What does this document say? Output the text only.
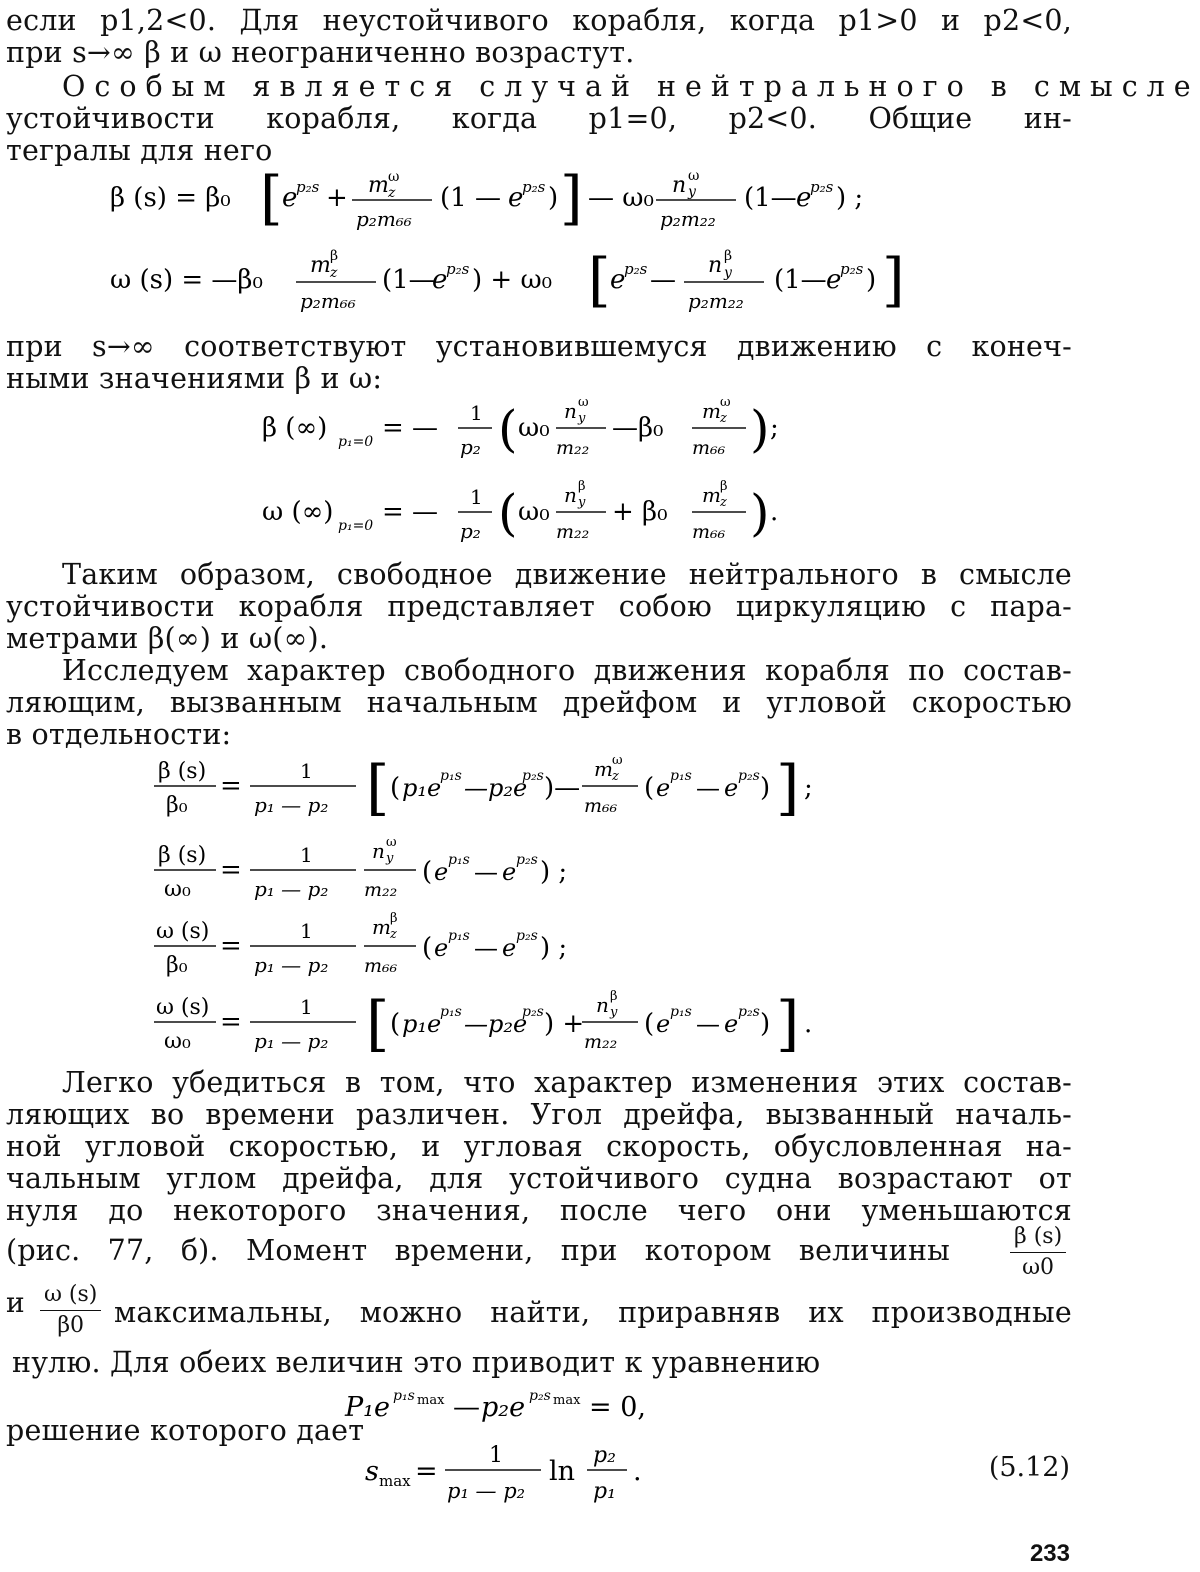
если p1,2<0. Для неустойчивого корабля, когда p1>0 и p2<0,
при s→∞ β и ω неограниченно возрастут.
Особым является случай нейтрального в смысле
устойчивости корабля, когда p1=0, p2<0. Общие ин-
тегралы для него
β (s) = β₀ [ e
p₂s + m ω
z
p₂m₆₆
(1 — e
p₂s ) ] — ω₀ n ω
y
p₂m₂₂
(1— e
p₂s ) ;
ω (s) = —β₀ m β
z
p₂m₆₆
(1—
e
p₂s ) + ω₀ [ e
p₂s — n β
y
p₂m₂₂
(1— e
p₂s ) ]
при s→∞ соответствуют установившемуся движению с конеч-
ными значениями β и ω:
β (∞) p₁=0 = — 1
p₂ ( ω₀
n ω
y
m₂₂
—β₀
m ω
z
m₆₆ ) ;
ω (∞) p₁=0 = — 1
p₂ ( ω₀
n β
y
m₂₂
+ β₀
m β
z
m₆₆ ) .
Таким образом, свободное движение нейтрального в смысле
устойчивости корабля представляет собою циркуляцию с пара-
метрами β(∞) и ω(∞).
Исследуем характер свободного движения корабля по состав-
ляющим, вызванным начальным дрейфом и угловой скоростью
в отдельности:
β (s)
β₀
=	1
p₁ — p₂ [ ( p₁e
p₁s —p₂e
p₂s )—
m ω
z
m₆₆
( e p₁s — e p₂s ) ] ;
β (s)
ω₀
=	1
p₁ — p₂
n ω
y
m₂₂
( e p₁s — e p₂s ) ;
ω (s)
β₀
=	1
p₁ — p₂
m β
z
m₆₆
( e p₁s — e p₂s ) ;
ω (s)
ω₀
=	1
p₁ — p₂ [ ( p₁e
p₁s —p₂e
p₂s ) +
n β
y
m₂₂
( e p₁s — e p₂s ) ] .
Легко убедиться в том, что характер изменения этих состав-
ляющих во времени различен. Угол дрейфа, вызванный началь-
ной угловой скоростью, и угловая скорость, обусловленная на-
чальным углом дрейфа, для устойчивого судна возрастают от
нуля до некоторого значения, после чего они уменьшаются
(рис. 77, б). Момент времени, при котором величины	$\frac{\beta (s)}{\omega 0}$
и $\frac{\omega (s)}{\beta 0}$ максимальны, можно найти, приравняв их производные
нулю. Для обеих величин это приводит к уравнению
P₁e p₁s max — p₂e p₂s max = 0,
решение которого дает
s max =
1
p₁ — p₂
ln
p₂
p₁
.	(5.12)
233
